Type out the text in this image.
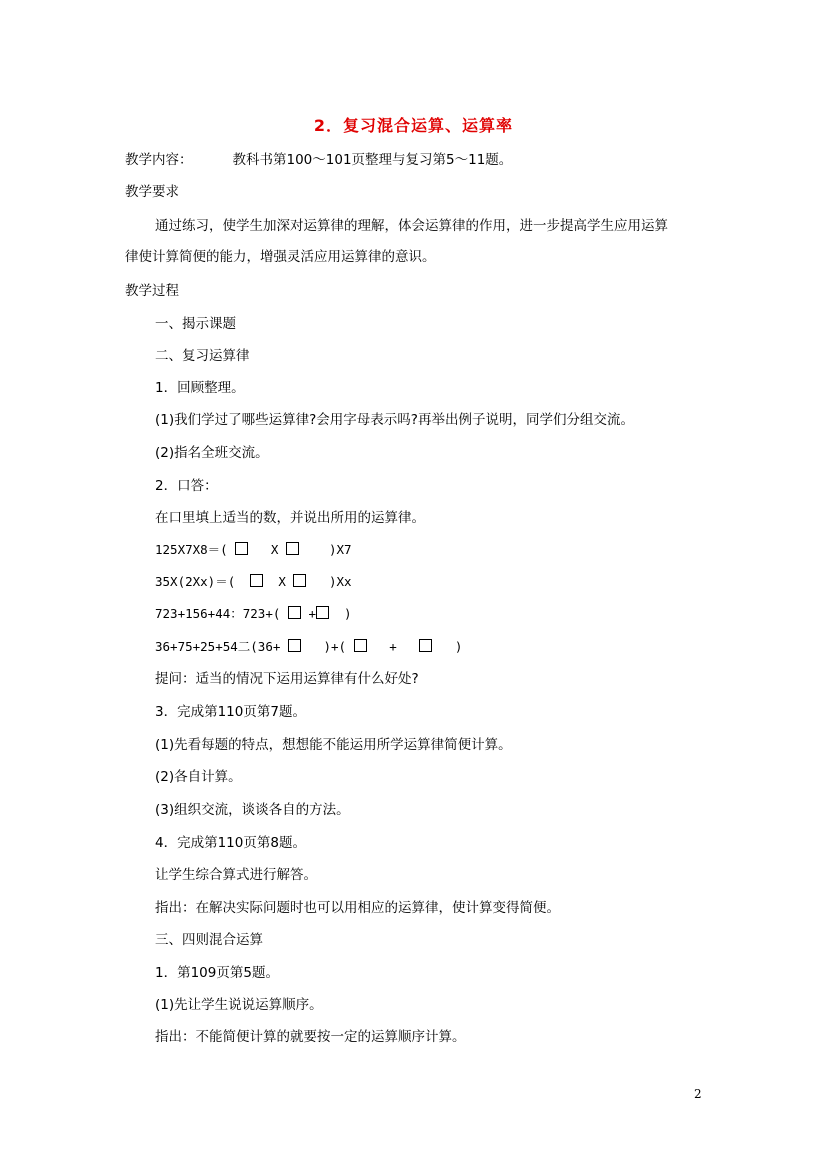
2．复习混合运算、运算率
教学内容：	教科书第100～101页整理与复习第5～11题。
教学要求
通过练习，使学生加深对运算律的理解，体会运算律的作用，进一步提高学生应用运算
律使计算简便的能力，增强灵活应用运算律的意识。
教学过程
一、揭示课题
二、复习运算律
1．回顾整理。
(1)我们学过了哪些运算律?会用字母表示吗?再举出例子说明，同学们分组交流。
(2)指名全班交流。
2．口答：
在口里填上适当的数，并说出所用的运算律。
125X7X8＝(	X	)X7
35X(2Xx)＝(	X	)Xx
723+156+44：723+( + )
36+75+25+54二(36+	)+(	+	)
提问：适当的情况下运用运算律有什么好处?
3．完成第110页第7题。
(1)先看每题的特点，想想能不能运用所学运算律简便计算。
(2)各自计算。
(3)组织交流，谈谈各自的方法。
4．完成第110页第8题。
让学生综合算式进行解答。
指出：在解决实际问题时也可以用相应的运算律，使计算变得简便。
三、四则混合运算
1．第109页第5题。
(1)先让学生说说运算顺序。
指出：不能简便计算的就要按一定的运算顺序计算。
2
